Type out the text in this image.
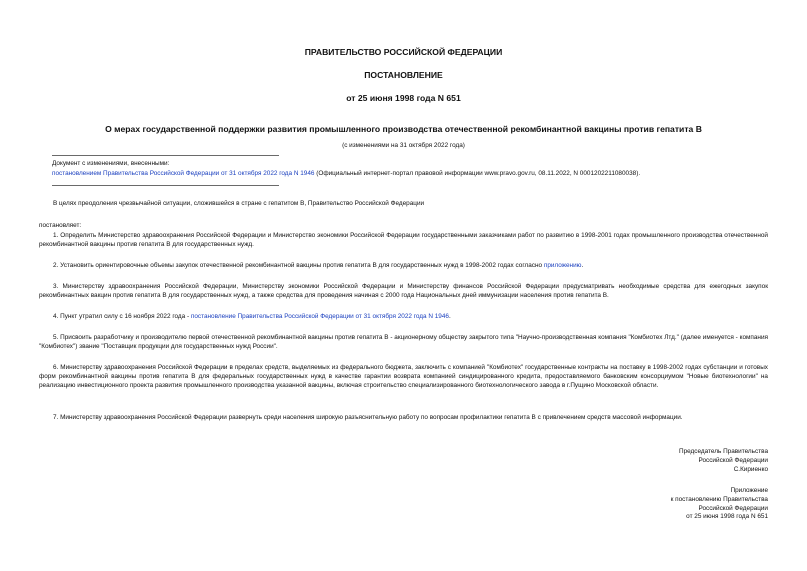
ПРАВИТЕЛЬСТВО РОССИЙСКОЙ ФЕДЕРАЦИИ
ПОСТАНОВЛЕНИЕ
от 25 июня 1998 года N 651
О мерах государственной поддержки развития промышленного производства отечественной рекомбинантной вакцины против гепатита B
(с изменениями на 31 октября 2022 года)
Документ с изменениями, внесенными:
постановлением Правительства Российской Федерации от 31 октября 2022 года N 1946 (Официальный интернет-портал правовой информации www.pravo.gov.ru, 08.11.2022, N 0001202211080038).
В целях преодоления чрезвычайной ситуации, сложившейся в стране с гепатитом B, Правительство Российской Федерации
постановляет:
1. Определить Министерство здравоохранения Российской Федерации и Министерство экономики Российской Федерации государственными заказчиками работ по развитию в 1998-2001 годах промышленного производства отечественной рекомбинантной вакцины против гепатита B для государственных нужд.
2. Установить ориентировочные объемы закупок отечественной рекомбинантной вакцины против гепатита B для государственных нужд в 1998-2002 годах согласно приложению.
3. Министерству здравоохранения Российской Федерации, Министерству экономики Российской Федерации и Министерству финансов Российской Федерации предусматривать необходимые средства для ежегодных закупок рекомбинантных вакцин против гепатита B для государственных нужд, а также средства для проведения начиная с 2000 года Национальных дней иммунизации населения против гепатита B.
4. Пункт утратил силу с 16 ноября 2022 года - постановление Правительства Российской Федерации от 31 октября 2022 года N 1946.
5. Присвоить разработчику и производителю первой отечественной рекомбинантной вакцины против гепатита B - акционерному обществу закрытого типа "Научно-производственная компания "Комбиотех Лтд." (далее именуется - компания "Комбиотех") звание "Поставщик продукции для государственных нужд России".
6. Министерству здравоохранения Российской Федерации в пределах средств, выделяемых из федерального бюджета, заключить с компанией "Комбиотех" государственные контракты на поставку в 1998-2002 годах субстанции и готовых форм рекомбинантной вакцины против гепатита B для федеральных государственных нужд в качестве гарантии возврата компанией синдицированного кредита, предоставляемого банковским консорциумом "Новые биотехнологии" на реализацию инвестиционного проекта развития промышленного производства указанной вакцины, включая строительство специализированного биотехнологического завода в г.Пущино Московской области.
7. Министерству здравоохранения Российской Федерации развернуть среди населения широкую разъяснительную работу по вопросам профилактики гепатита B с привлечением средств массовой информации.
Председатель Правительства
Российской Федерации
С.Кириенко
Приложение
к постановлению Правительства
Российской Федерации
от 25 июня 1998 года N 651
